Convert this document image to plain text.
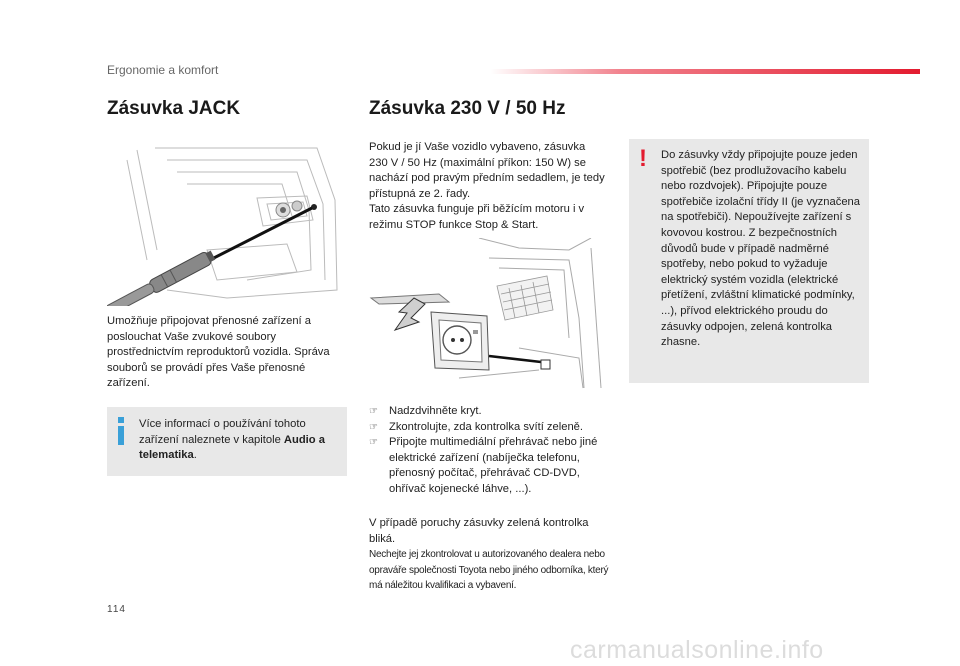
Ergonomie a komfort
Zásuvka JACK
Umožňuje připojovat přenosné zařízení a poslouchat Vaše zvukové soubory prostřednictvím reproduktorů vozidla. Správa souborů se provádí přes Vaše přenosné zařízení.
Více informací o používání tohoto zařízení naleznete v kapitole Audio a telematika.
Zásuvka 230 V / 50 Hz
Pokud je jí Vaše vozidlo vybaveno, zásuvka 230 V / 50 Hz (maximální příkon: 150 W) se nachází pod pravým předním sedadlem, je tedy přístupná ze 2. řady.
Tato zásuvka funguje při běžícím motoru i v režimu STOP funkce Stop & Start.
☞ Nadzdvihněte kryt.
☞ Zkontrolujte, zda kontrolka svítí zeleně.
☞ Připojte multimediální přehrávač nebo jiné elektrické zařízení (nabíječka telefonu, přenosný počítač, přehrávač CD-DVD, ohřívač kojenecké láhve, ...).
V případě poruchy zásuvky zelená kontrolka bliká.
Nechejte jej zkontrolovat u autorizovaného dealera nebo opraváře společnosti Toyota nebo jiného odborníka, který má náležitou kvalifikaci a vybavení.
! Do zásuvky vždy připojujte pouze jeden spotřebič (bez prodlužovacího kabelu nebo rozdvojek). Připojujte pouze spotřebiče izolační třídy II (je vyznačena na spotřebiči). Nepoužívejte zařízení s kovovou kostrou. Z bezpečnostních důvodů bude v případě nadměrné spotřeby, nebo pokud to vyžaduje elektrický systém vozidla (elektrické přetížení, zvláštní klimatické podmínky, ...), přívod elektrického proudu do zásuvky odpojen, zelená kontrolka zhasne.
114
carmanualsonline.info
